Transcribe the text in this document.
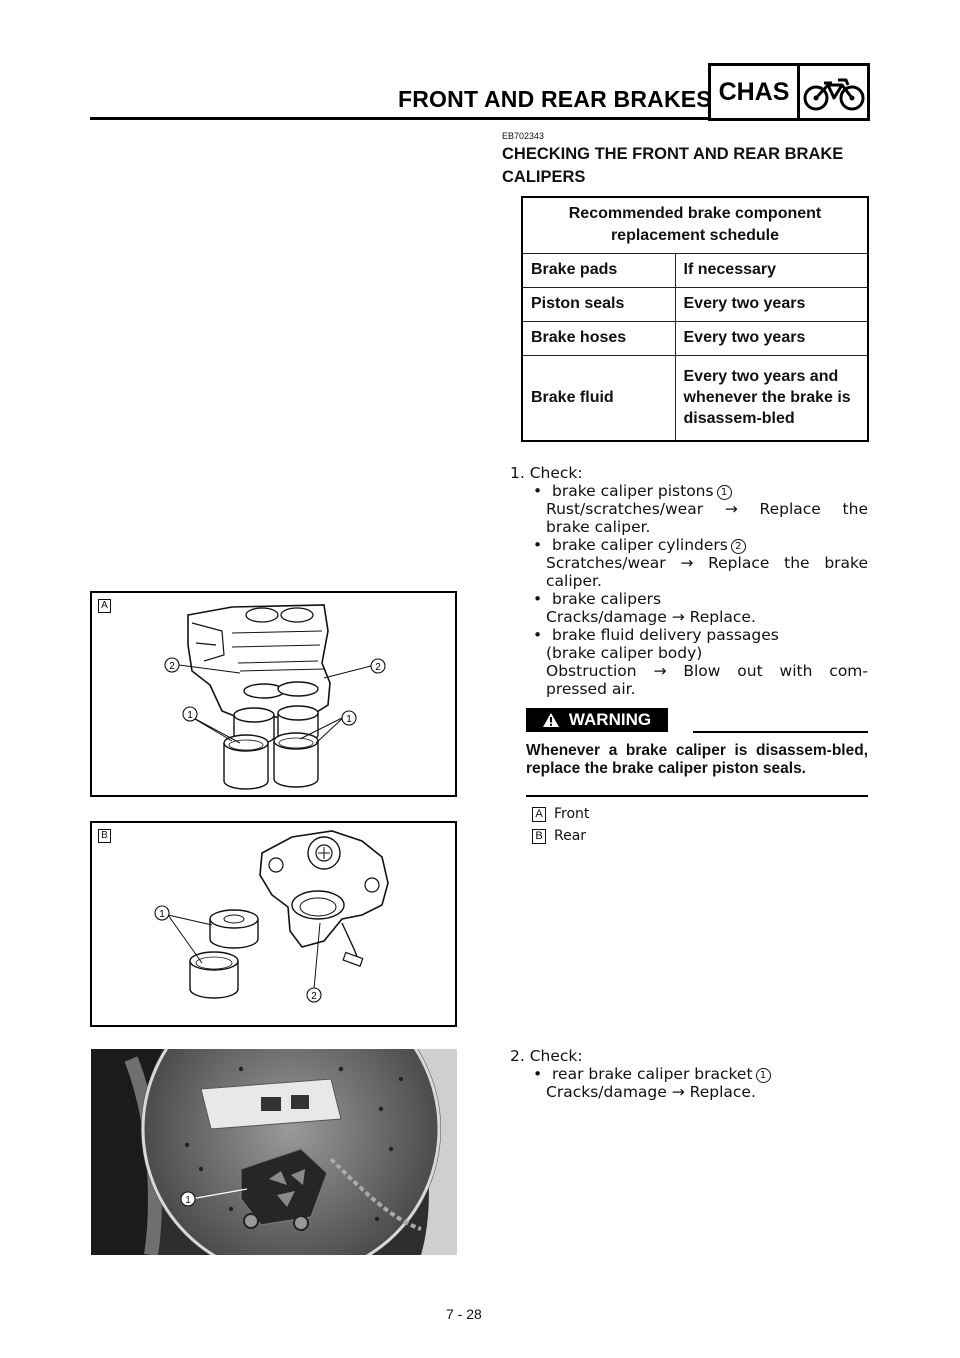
FRONT AND REAR BRAKES CHAS
EB702343
CHECKING THE FRONT AND REAR BRAKE CALIPERS
Recommended brake component replacement schedule	
Brake pads	If necessary
Piston seals	Every two years
Brake hoses	Every two years
Brake fluid	Every two years and whenever the brake is disassem-bled
1. Check:
•  brake caliper pistons 1
Rust/scratches/wear → Replace the
brake caliper.
•  brake caliper cylinders 2
Scratches/wear → Replace the brake
caliper.
•  brake calipers
Cracks/damage → Replace.
•  brake fluid delivery passages
(brake caliper body)
Obstruction → Blow out with com-
pressed air.
WARNING
Whenever a brake caliper is disassem-bled, replace the brake caliper piston seals.
A Front
B Rear
A
2	2
1	1
B
1
2
1
2. Check:
•  rear brake caliper bracket 1
Cracks/damage → Replace.
7 - 28
